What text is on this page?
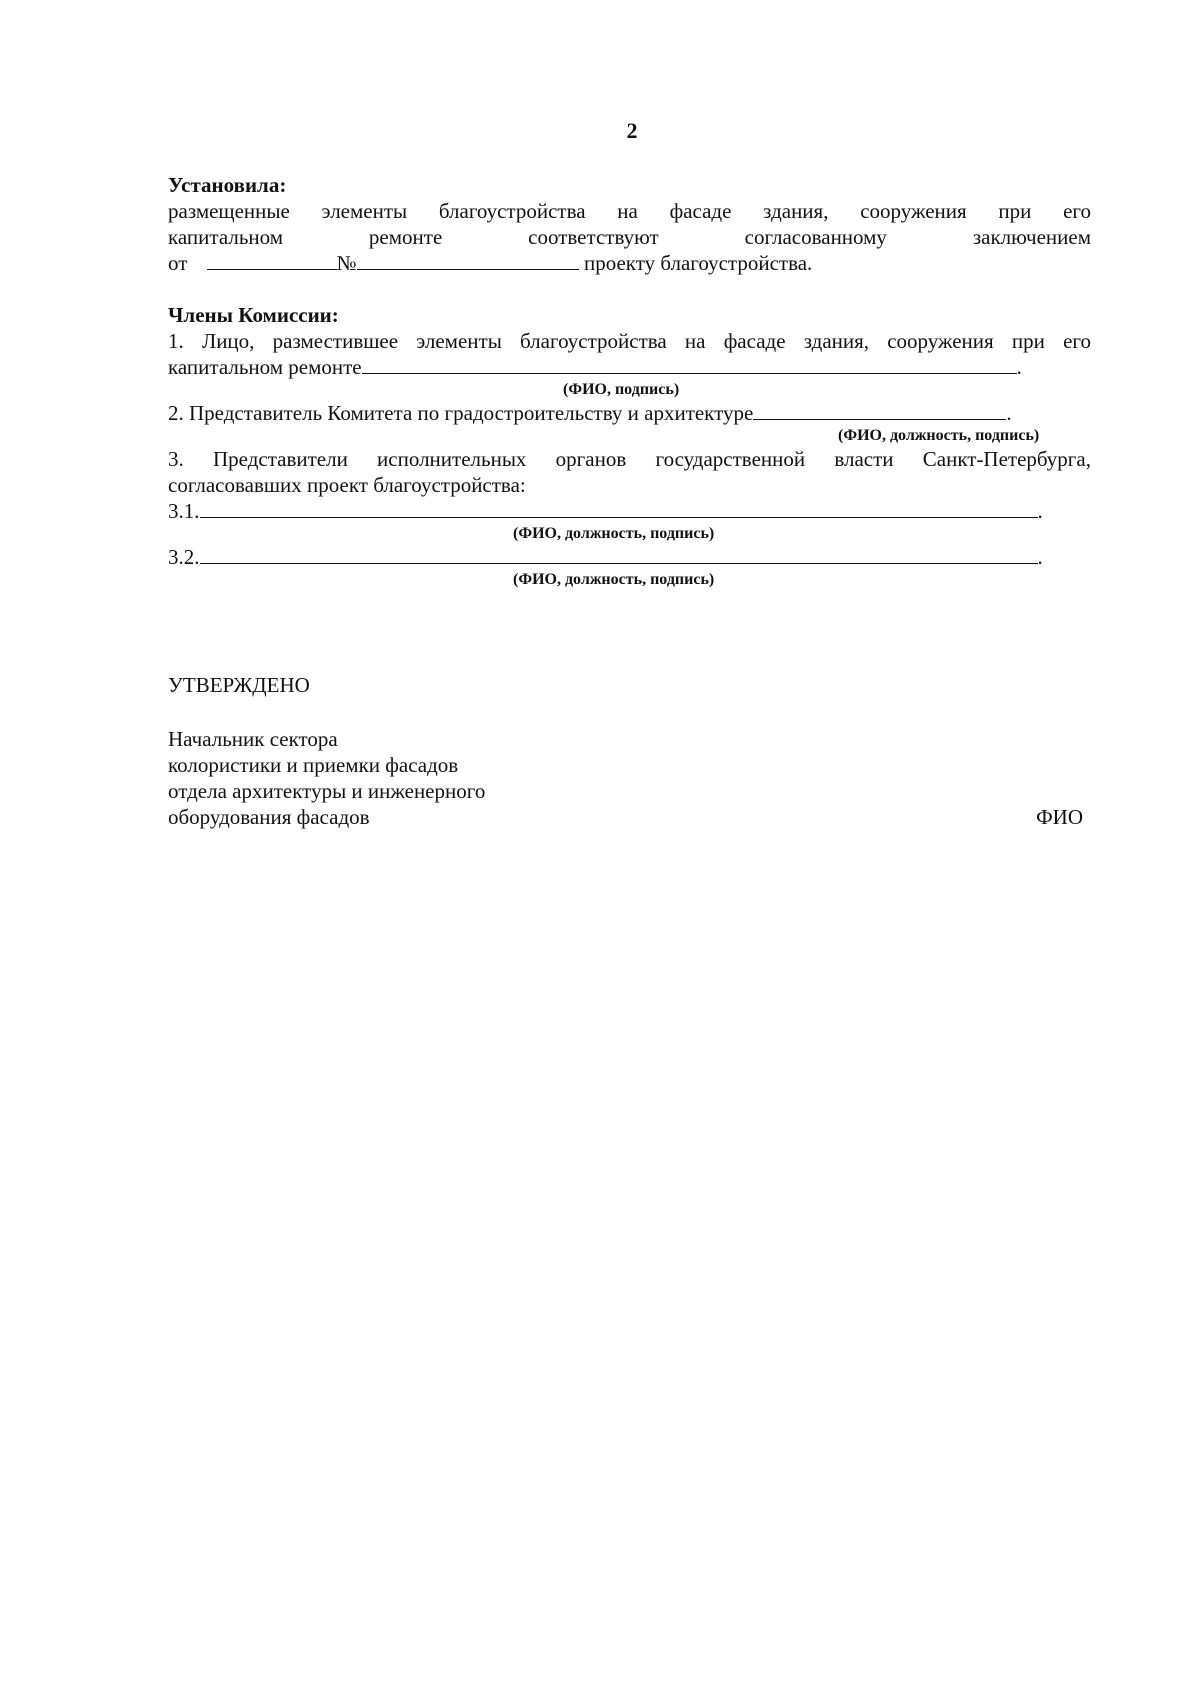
2

Установила:

размещенные элементы благоустройства на фасаде здания, сооружения при его
капитальном ремонте соответствуют согласованному заключением
от	№	проекту благоустройства.

Члены Комиссии:

1. Лицо, разместившее элементы благоустройства на фасаде здания, сооружения при его
капитальном ремонте	.
(ФИО, подпись)
2. Представитель Комитета по градостроительству и архитектуре	.
(ФИО, должность, подпись)
3. Представители исполнительных органов государственной власти Санкт-Петербурга,
согласовавших проект благоустройства:
3.1.	.
(ФИО, должность, подпись)
3.2.	.
(ФИО, должность, подпись)
УТВЕРЖДЕНО
Начальник сектора
колористики и приемки фасадов
отдела архитектуры и инженерного
оборудования фасадов	ФИО
